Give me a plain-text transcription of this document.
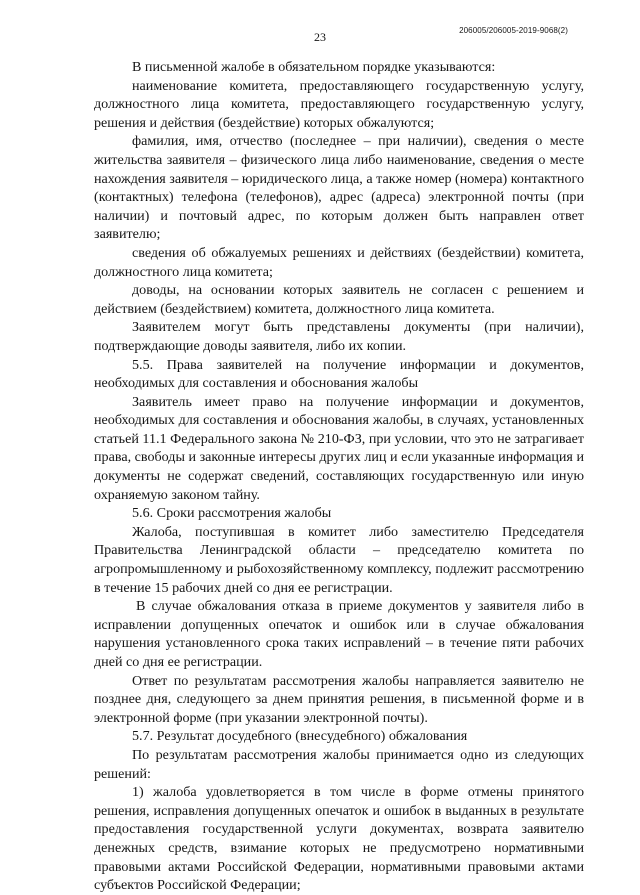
23	206005/206005-2019-9068(2)

В письменной жалобе в обязательном порядке указываются:

наименование комитета, предоставляющего государственную услугу, должностного лица комитета, предоставляющего государственную услугу, решения и действия (бездействие) которых обжалуются;

фамилия, имя, отчество (последнее – при наличии), сведения о месте жительства заявителя – физического лица либо наименование, сведения о месте нахождения заявителя – юридического лица, а также номер (номера) контактного (контактных) телефона (телефонов), адрес (адреса) электронной почты (при наличии) и почтовый адрес, по которым должен быть направлен ответ заявителю;

сведения об обжалуемых решениях и действиях (бездействии) комитета, должностного лица комитета;

доводы, на основании которых заявитель не согласен с решением и действием (бездействием) комитета, должностного лица комитета.

Заявителем могут быть представлены документы (при наличии), подтверждающие доводы заявителя, либо их копии.

5.5. Права заявителей на получение информации и документов, необходимых для составления и обоснования жалобы

Заявитель имеет право на получение информации и документов, необходимых для составления и обоснования жалобы, в случаях, установленных статьей 11.1 Федерального закона № 210-ФЗ, при условии, что это не затрагивает права, свободы и законные интересы других лиц и если указанные информация и документы не содержат сведений, составляющих государственную или иную охраняемую законом тайну.

5.6. Сроки рассмотрения жалобы

Жалоба, поступившая в комитет либо заместителю Председателя Правительства Ленинградской области – председателю комитета по агропромышленному и рыбохозяйственному комплексу, подлежит рассмотрению в течение 15 рабочих дней со дня ее регистрации.

В случае обжалования отказа в приеме документов у заявителя либо в исправлении допущенных опечаток и ошибок или в случае обжалования нарушения установленного срока таких исправлений – в течение пяти рабочих дней со дня ее регистрации.

Ответ по результатам рассмотрения жалобы направляется заявителю не позднее дня, следующего за днем принятия решения, в письменной форме и в электронной форме (при указании электронной почты).

5.7. Результат досудебного (внесудебного) обжалования

По результатам рассмотрения жалобы принимается одно из следующих решений:

1) жалоба удовлетворяется в том числе в форме отмены принятого решения, исправления допущенных опечаток и ошибок в выданных в результате предоставления государственной услуги документах, возврата заявителю денежных средств, взимание которых не предусмотрено нормативными правовыми актами Российской Федерации, нормативными правовыми актами субъектов Российской Федерации;
